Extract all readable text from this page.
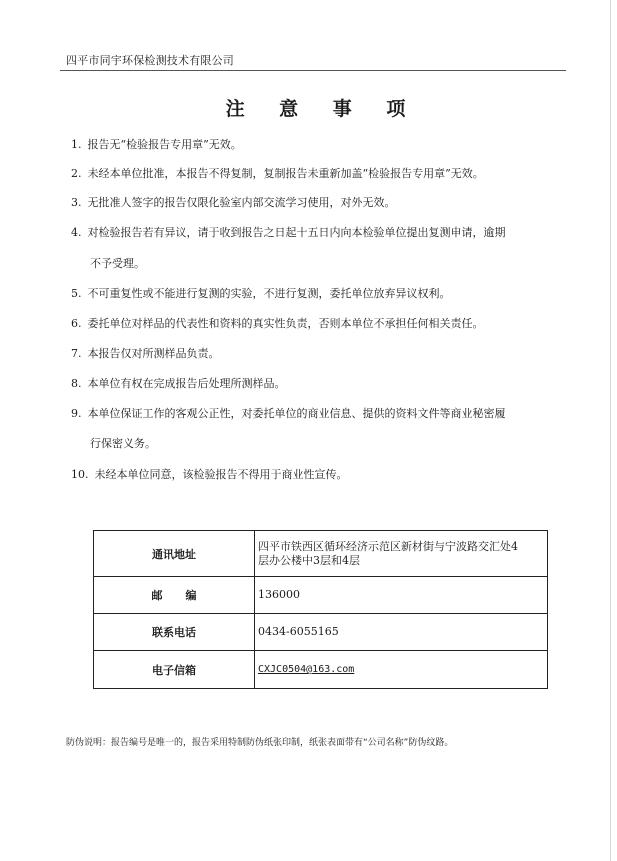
四平市同宇环保检测技术有限公司
注 意 事 项
1. 报告无“检验报告专用章”无效。
2. 未经本单位批准，本报告不得复制，复制报告未重新加盖“检验报告专用章”无效。
3. 无批准人签字的报告仅限化验室内部交流学习使用，对外无效。
4. 对检验报告若有异议，请于收到报告之日起十五日内向本检验单位提出复测申请，逾期
不予受理。
5. 不可重复性或不能进行复测的实验，不进行复测，委托单位放弃异议权利。
6. 委托单位对样品的代表性和资料的真实性负责，否则本单位不承担任何相关责任。
7. 本报告仅对所测样品负责。
8. 本单位有权在完成报告后处理所测样品。
9. 本单位保证工作的客观公正性，对委托单位的商业信息、提供的资料文件等商业秘密履
行保密义务。
10. 未经本单位同意，该检验报告不得用于商业性宣传。
通讯地址	四平市铁西区循环经济示范区新材街与宁波路交汇处4
层办公楼中3层和4层

邮      编	136000
联系电话	0434-6055165
电子信箱	CXJC0504@163.com
防伪说明：报告编号是唯一的，报告采用特制防伪纸张印制，纸张表面带有“公司名称”防伪纹路。
